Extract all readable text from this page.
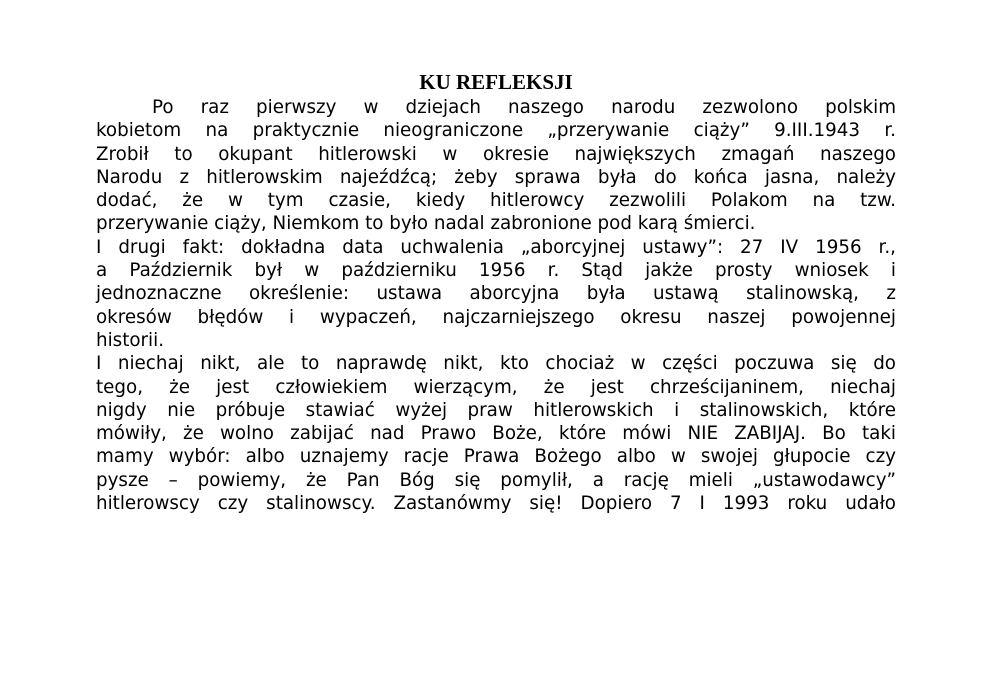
KU REFLEKSJI
Po raz pierwszy w dziejach naszego narodu zezwolono polskim
kobietom na praktycznie nieograniczone „przerywanie ciąży” 9.III.1943 r.
Zrobił to okupant hitlerowski w okresie największych zmagań naszego
Narodu z hitlerowskim najeźdźcą; żeby sprawa była do końca jasna, należy
dodać, że w tym czasie, kiedy hitlerowcy zezwolili Polakom na tzw.
przerywanie ciąży, Niemkom to było nadal zabronione pod karą śmierci.
I drugi fakt: dokładna data uchwalenia „aborcyjnej ustawy”: 27 IV 1956 r.,
a Październik był w październiku 1956 r. Stąd jakże prosty wniosek i
jednoznaczne określenie: ustawa aborcyjna była ustawą stalinowską, z
okresów błędów i wypaczeń, najczarniejszego okresu naszej powojennej
historii.
I niechaj nikt, ale to naprawdę nikt, kto chociaż w części poczuwa się do
tego, że jest człowiekiem wierzącym, że jest chrześcijaninem, niechaj
nigdy nie próbuje stawiać wyżej praw hitlerowskich i stalinowskich, które
mówiły, że wolno zabijać nad Prawo Boże, które mówi NIE ZABIJAJ. Bo taki
mamy wybór: albo uznajemy racje Prawa Bożego albo w swojej głupocie czy
pysze – powiemy, że Pan Bóg się pomylił, a rację mieli „ustawodawcy”
hitlerowscy czy stalinowscy. Zastanówmy się! Dopiero 7 I 1993 roku udało
